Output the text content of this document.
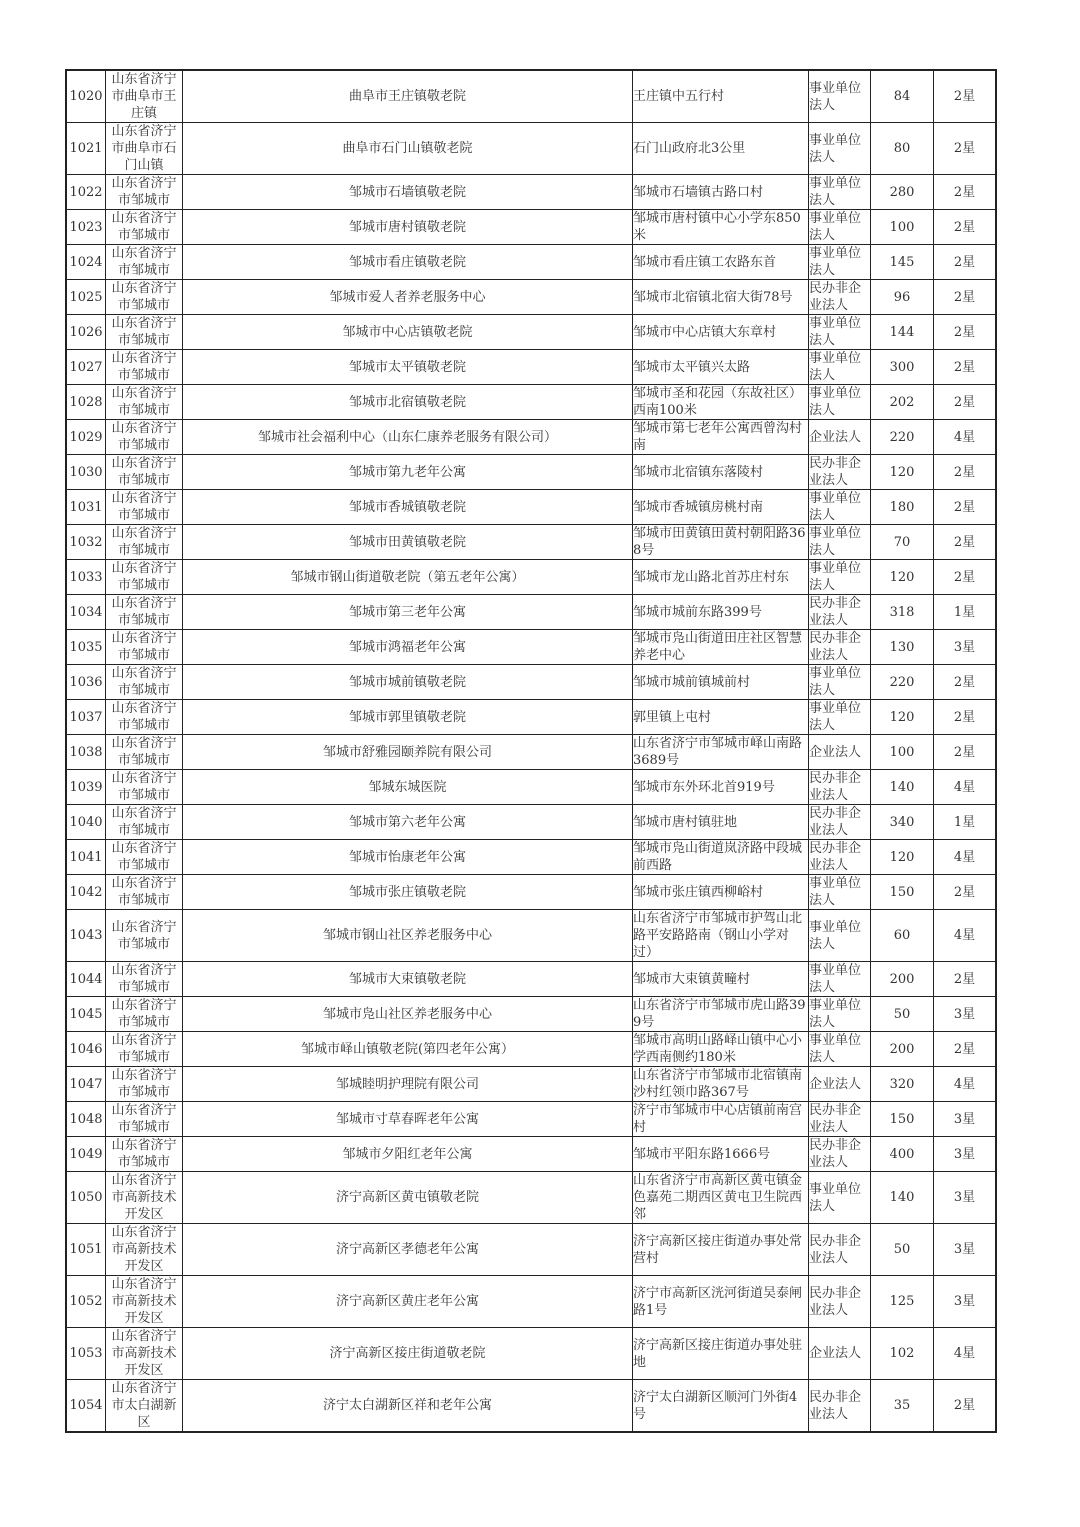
1020	山东省济宁市曲阜市王庄镇	曲阜市王庄镇敬老院	王庄镇中五行村	事业单位法人	84	2星
1021	山东省济宁市曲阜市石门山镇	曲阜市石门山镇敬老院	石门山政府北3公里	事业单位法人	80	2星
1022	山东省济宁市邹城市	邹城市石墙镇敬老院	邹城市石墙镇古路口村	事业单位法人	280	2星
1023	山东省济宁市邹城市	邹城市唐村镇敬老院	邹城市唐村镇中心小学东850米	事业单位法人	100	2星
1024	山东省济宁市邹城市	邹城市看庄镇敬老院	邹城市看庄镇工农路东首	事业单位法人	145	2星
1025	山东省济宁市邹城市	邹城市爱人者养老服务中心	邹城市北宿镇北宿大街78号	民办非企业法人	96	2星
1026	山东省济宁市邹城市	邹城市中心店镇敬老院	邹城市中心店镇大东章村	事业单位法人	144	2星
1027	山东省济宁市邹城市	邹城市太平镇敬老院	邹城市太平镇兴太路	事业单位法人	300	2星
1028	山东省济宁市邹城市	邹城市北宿镇敬老院	邹城市圣和花园（东故社区）西南100米	事业单位法人	202	2星
1029	山东省济宁市邹城市	邹城市社会福利中心（山东仁康养老服务有限公司）	邹城市第七老年公寓西曾沟村南	企业法人	220	4星
1030	山东省济宁市邹城市	邹城市第九老年公寓	邹城市北宿镇东落陵村	民办非企业法人	120	2星
1031	山东省济宁市邹城市	邹城市香城镇敬老院	邹城市香城镇房桃村南	事业单位法人	180	2星
1032	山东省济宁市邹城市	邹城市田黄镇敬老院	邹城市田黄镇田黄村朝阳路368号	事业单位法人	70	2星
1033	山东省济宁市邹城市	邹城市钢山街道敬老院（第五老年公寓）	邹城市龙山路北首苏庄村东	事业单位法人	120	2星
1034	山东省济宁市邹城市	邹城市第三老年公寓	邹城市城前东路399号	民办非企业法人	318	1星
1035	山东省济宁市邹城市	邹城市鸿福老年公寓	邹城市凫山街道田庄社区智慧养老中心	民办非企业法人	130	3星
1036	山东省济宁市邹城市	邹城市城前镇敬老院	邹城市城前镇城前村	事业单位法人	220	2星
1037	山东省济宁市邹城市	邹城市郭里镇敬老院	郭里镇上屯村	事业单位法人	120	2星
1038	山东省济宁市邹城市	邹城市舒雅园颐养院有限公司	山东省济宁市邹城市峄山南路3689号	企业法人	100	2星
1039	山东省济宁市邹城市	邹城东城医院	邹城市东外环北首919号	民办非企业法人	140	4星
1040	山东省济宁市邹城市	邹城市第六老年公寓	邹城市唐村镇驻地	民办非企业法人	340	1星
1041	山东省济宁市邹城市	邹城市怡康老年公寓	邹城市凫山街道岚济路中段城前西路	民办非企业法人	120	4星
1042	山东省济宁市邹城市	邹城市张庄镇敬老院	邹城市张庄镇西柳峪村	事业单位法人	150	2星
1043	山东省济宁市邹城市	邹城市钢山社区养老服务中心	山东省济宁市邹城市护驾山北路平安路路南（钢山小学对过）	事业单位法人	60	4星
1044	山东省济宁市邹城市	邹城市大束镇敬老院	邹城市大束镇黄疃村	事业单位法人	200	2星
1045	山东省济宁市邹城市	邹城市凫山社区养老服务中心	山东省济宁市邹城市虎山路399号	事业单位法人	50	3星
1046	山东省济宁市邹城市	邹城市峄山镇敬老院(第四老年公寓）	邹城市高明山路峄山镇中心小学西南侧约180米	事业单位法人	200	2星
1047	山东省济宁市邹城市	邹城睦明护理院有限公司	山东省济宁市邹城市北宿镇南沙村红领巾路367号	企业法人	320	4星
1048	山东省济宁市邹城市	邹城市寸草春晖老年公寓	济宁市邹城市中心店镇前南宫村	民办非企业法人	150	3星
1049	山东省济宁市邹城市	邹城市夕阳红老年公寓	邹城市平阳东路1666号	民办非企业法人	400	3星
1050	山东省济宁市高新技术开发区	济宁高新区黄屯镇敬老院	山东省济宁市高新区黄屯镇金色嘉苑二期西区黄屯卫生院西邻	事业单位法人	140	3星
1051	山东省济宁市高新技术开发区	济宁高新区孝德老年公寓	济宁高新区接庄街道办事处常营村	民办非企业法人	50	3星
1052	山东省济宁市高新技术开发区	济宁高新区黄庄老年公寓	济宁市高新区洸河街道吴泰闸路1号	民办非企业法人	125	3星
1053	山东省济宁市高新技术开发区	济宁高新区接庄街道敬老院	济宁高新区接庄街道办事处驻地	企业法人	102	4星
1054	山东省济宁市太白湖新区	济宁太白湖新区祥和老年公寓	济宁太白湖新区顺河门外街4号	民办非企业法人	35	2星
